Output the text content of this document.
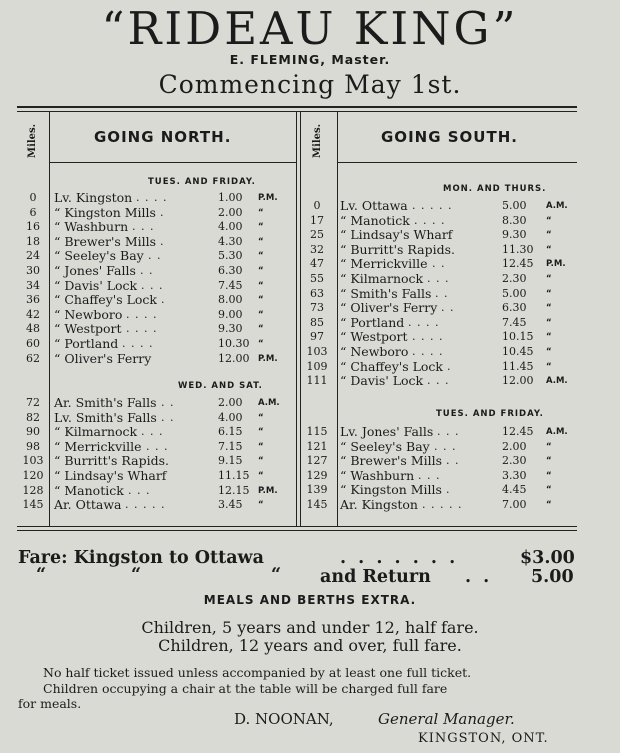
“RIDEAU KING”
E. FLEMING, Master.
Commencing May 1st.
Miles.	GOING NORTH.	Miles.	GOING SOUTH.
TUES. AND FRIDAY.
WED. AND SAT.
MON. AND THURS.
TUES. AND FRIDAY.
0	Lv. Kingston . . . .	1.00 P.M.
6	“ Kingston Mills .	2.00 “
16	“ Washburn . . .	4.00 “
18	“ Brewer's Mills .	4.30 “
24	“ Seeley's Bay . .	5.30 “
30	“ Jones' Falls . .	6.30 “
34	“ Davis' Lock . . .	7.45 “
36	“ Chaffey's Lock .	8.00 “
42	“ Newboro . . . .	9.00 “
48	“ Westport . . . .	9.30 “
60	“ Portland . . . .	10.30 “
62	“ Oliver's Ferry	12.00 P.M.
72	Ar. Smith's Falls . .	2.00 A.M.
82	Lv. Smith's Falls . .	4.00 “
90	“ Kilmarnock . . .	6.15 “
98	“ Merrickville . . .	7.15 “
103 “ Burritt's Rapids.	9.15 “
120 “ Lindsay's Wharf	11.15 “
128 “ Manotick . . .	12.15 P.M.
145 Ar. Ottawa . . . . .	3.45 “
0	Lv. Ottawa . . . . .	5.00 A.M.
17	“ Manotick . . . .	8.30 “
25	“ Lindsay's Wharf	9.30 “
32	“ Burritt's Rapids.	11.30 “
47	“ Merrickville . .	12.45 P.M.
55	“ Kilmarnock . . .	2.30 “
63	“ Smith's Falls . .	5.00 “
73	“ Oliver's Ferry . .	6.30 “
85	“ Portland . . . .	7.45 “
97	“ Westport . . . .	10.15 “
103	“ Newboro . . . .	10.45 “
109	“ Chaffey's Lock .	11.45 “
111	“ Davis' Lock . . .	12.00 A.M.
115	Lv. Jones' Falls . . .	12.45 A.M.
121	“ Seeley's Bay . . .	2.00 “
127	“ Brewer's Mills . .	2.30 “
129	“ Washburn . . .	3.30 “
139	“ Kingston Mills .	4.45 “
145	Ar. Kingston . . . . .	7.00 “
Fare: Kingston to Ottawa	. . . . . . .	$3.00
“	“	“ and Return . . 5.00
MEALS AND BERTHS EXTRA.
Children, 5 years and under 12, half fare.
Children, 12 years and over, full fare.
No half ticket issued unless accompanied by at least one full ticket.
Children occupying a chair at the table will be charged full fare
for meals.
D. NOONAN,	General Manager.
KINGSTON, ONT.
